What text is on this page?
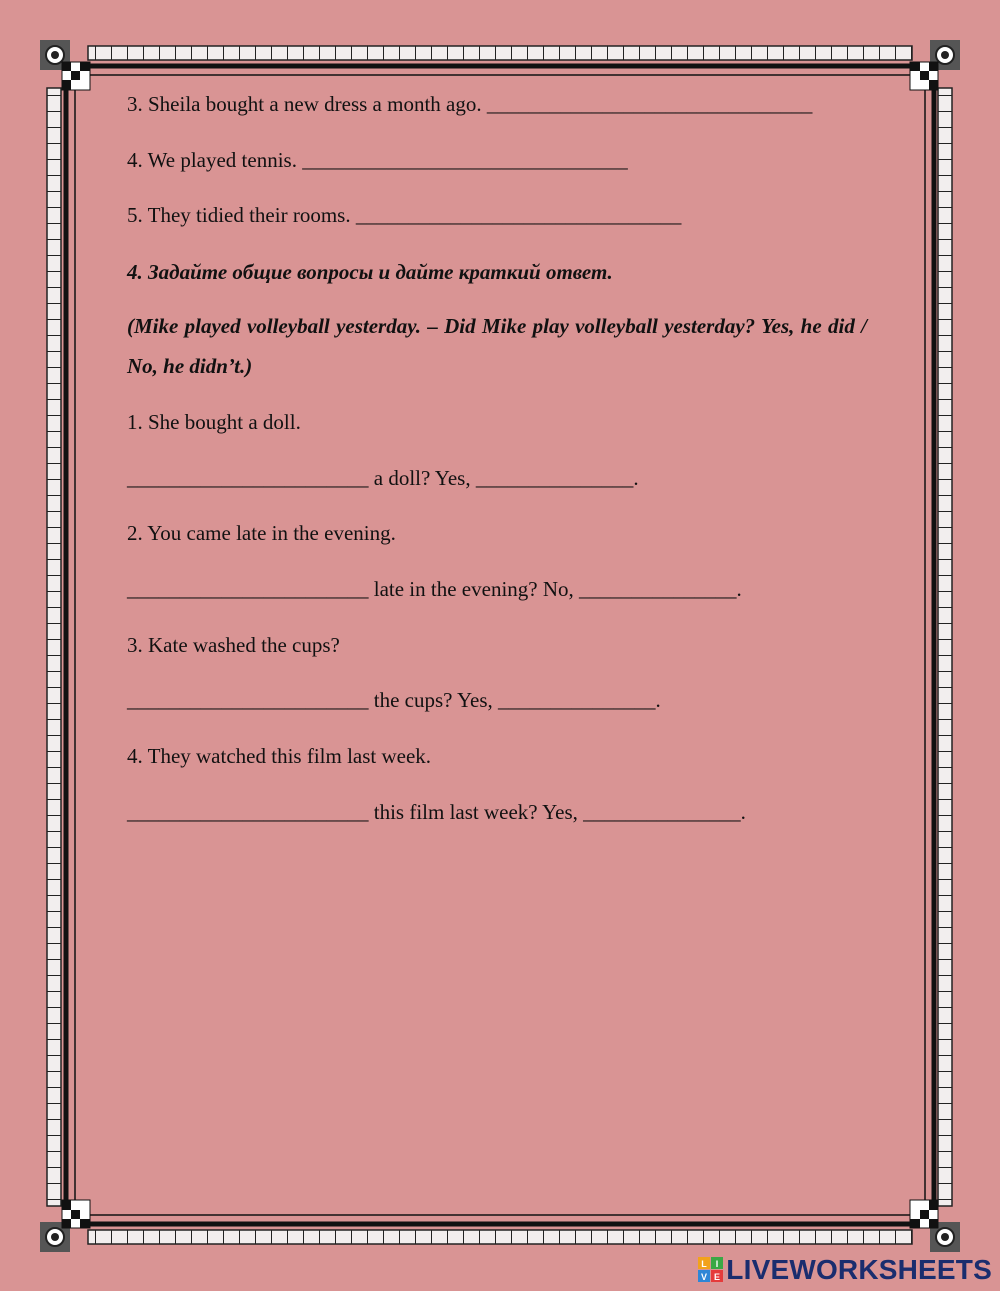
3. Sheila bought a new dress a month ago. _______________________________
4. We played tennis. _______________________________
5. They tidied their rooms. _______________________________
4. Задайте общие вопросы и дайте краткий ответ.
(Mike played volleyball yesterday. – Did Mike play volleyball yesterday? Yes, he did / No, he didn’t.)
1. She bought a doll.
_______________________ a doll? Yes, _______________.
2. You came late in the evening.
_______________________ late in the evening? No, _______________.
3. Kate washed the cups?
_______________________ the cups? Yes, _______________.
4. They watched this film last week.
_______________________ this film last week? Yes, _______________.
L I
V E LIVEWORKSHEETS
